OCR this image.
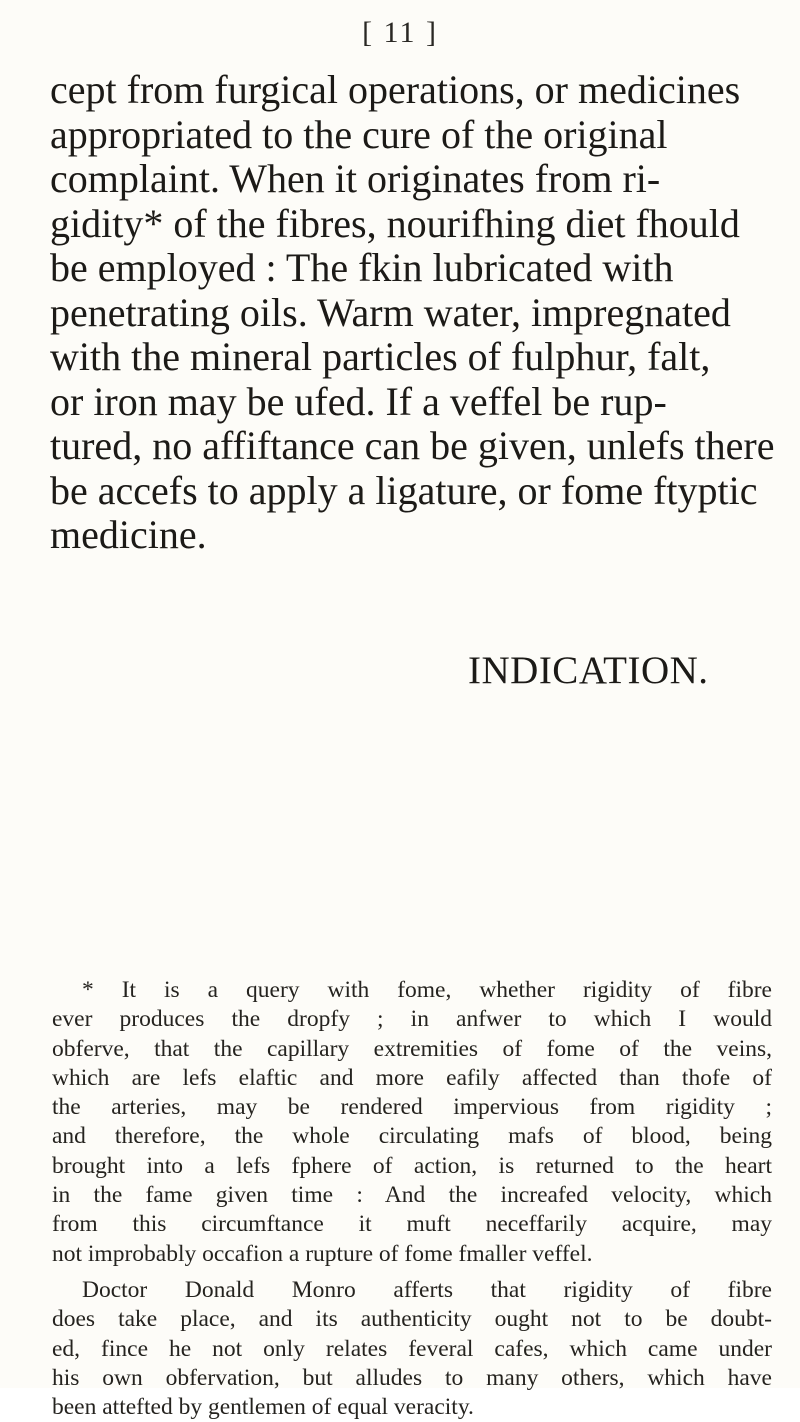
[ 11 ]
cept from furgical operations, or medicines
appropriated to the cure of the original
complaint. When it originates from ri-
gidity* of the fibres, nourifhing diet fhould
be employed : The fkin lubricated with
penetrating oils. Warm water, impregnated
with the mineral particles of fulphur, falt,
or iron may be ufed. If a veffel be rup-
tured, no affiftance can be given, unlefs there
be accefs to apply a ligature, or fome ftyptic
medicine.
INDICATION.
* It is a query with fome, whether rigidity of fibre
ever produces the dropfy ; in anfwer to which I would
obferve, that the capillary extremities of fome of the veins,
which are lefs elaftic and more eafily affected than thofe of
the arteries, may be rendered impervious from rigidity ;
and therefore, the whole circulating mafs of blood, being
brought into a lefs fphere of action, is returned to the heart
in the fame given time : And the increafed velocity, which
from this circumftance it muft neceffarily acquire, may
not improbably occafion a rupture of fome fmaller veffel.
Doctor Donald Monro afferts that rigidity of fibre
does take place, and its authenticity ought not to be doubt-
ed, fince he not only relates feveral cafes, which came under
his own obfervation, but alludes to many others, which have
been attefted by gentlemen of equal veracity.
